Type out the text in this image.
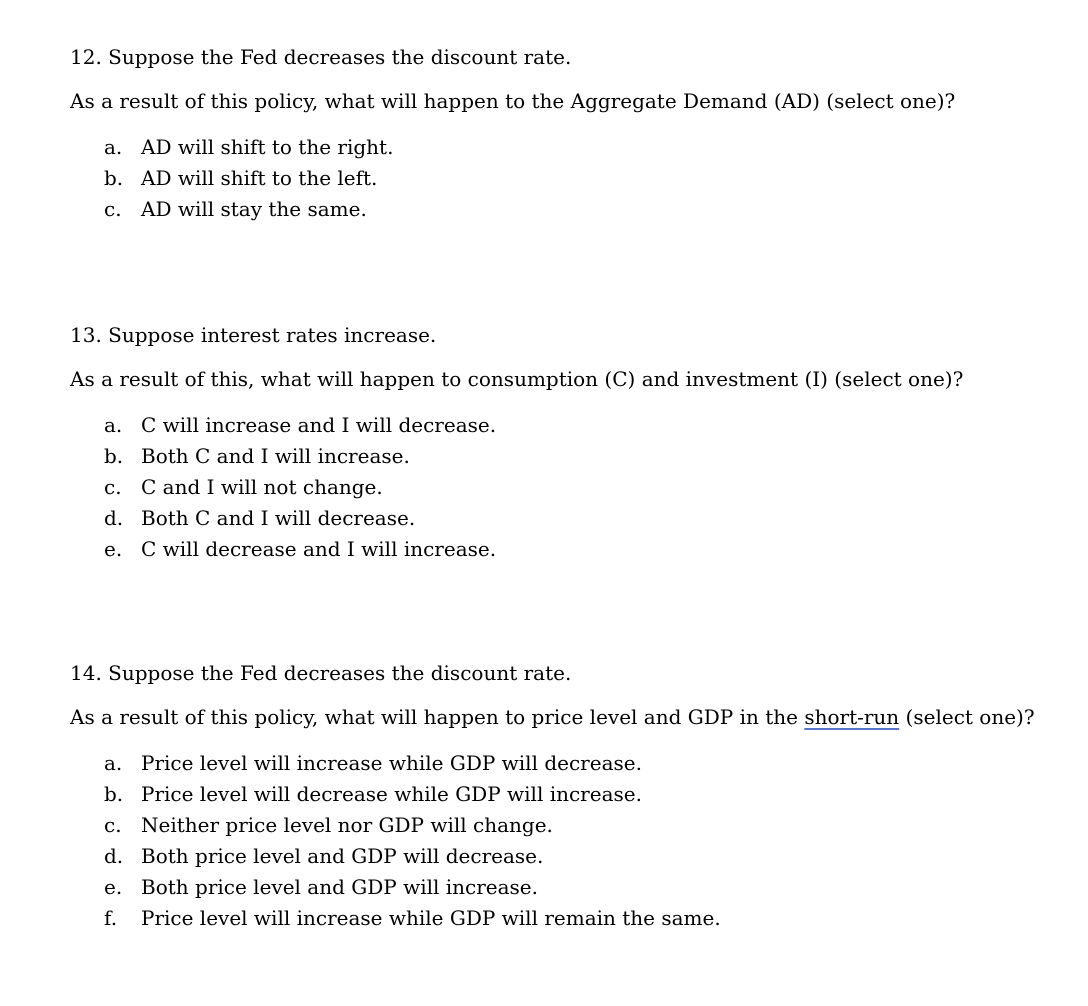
12. Suppose the Fed decreases the discount rate.

As a result of this policy, what will happen to the Aggregate Demand (AD) (select one)?

a. AD will shift to the right.
b. AD will shift to the left.
c. AD will stay the same.

13. Suppose interest rates increase.

As a result of this, what will happen to consumption (C) and investment (I) (select one)?

a. C will increase and I will decrease.
b. Both C and I will increase.
c. C and I will not change.
d. Both C and I will decrease.
e. C will decrease and I will increase.

14. Suppose the Fed decreases the discount rate.

As a result of this policy, what will happen to price level and GDP in the short-run (select one)?

a. Price level will increase while GDP will decrease.
b. Price level will decrease while GDP will increase.
c. Neither price level nor GDP will change.
d. Both price level and GDP will decrease.
e. Both price level and GDP will increase.
f.	Price level will increase while GDP will remain the same.
